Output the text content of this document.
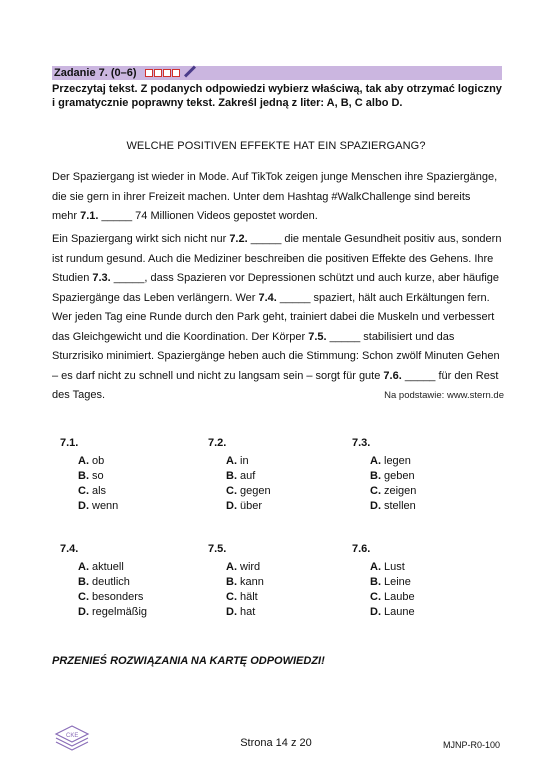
Zadanie 7. (0–6)
Przeczytaj tekst. Z podanych odpowiedzi wybierz właściwą, tak aby otrzymać logiczny
i gramatycznie poprawny tekst. Zakreśl jedną z liter: A, B, C albo D.
WELCHE POSITIVEN EFFEKTE HAT EIN SPAZIERGANG?
Der Spaziergang ist wieder in Mode. Auf TikTok zeigen junge Menschen ihre Spaziergänge,
die sie gern in ihrer Freizeit machen. Unter dem Hashtag #WalkChallenge sind bereits
mehr 7.1. _____ 74 Millionen Videos gepostet worden.
Ein Spaziergang wirkt sich nicht nur 7.2. _____ die mentale Gesundheit positiv aus, sondern
ist rundum gesund. Auch die Mediziner beschreiben die positiven Effekte des Gehens. Ihre
Studien 7.3. _____, dass Spazieren vor Depressionen schützt und auch kurze, aber häufige
Spaziergänge das Leben verlängern. Wer 7.4. _____ spaziert, hält auch Erkältungen fern.
Wer jeden Tag eine Runde durch den Park geht, trainiert dabei die Muskeln und verbessert
das Gleichgewicht und die Koordination. Der Körper 7.5. _____ stabilisiert und das
Sturzrisiko minimiert. Spaziergänge heben auch die Stimmung: Schon zwölf Minuten Gehen
– es darf nicht zu schnell und nicht zu langsam sein – sorgt für gute 7.6. _____ für den Rest
des Tages.	Na podstawie: www.stern.de
7.1.
A. ob
B. so
C. als
D. wenn
7.2.
A. in
B. auf
C. gegen
D. über
7.3.
A. legen
B. geben
C. zeigen
D. stellen
7.4.
A. aktuell
B. deutlich
C. besonders
D. regelmäßig
7.5.
A. wird
B. kann
C. hält
D. hat
7.6.
A. Lust
B. Leine
C. Laube
D. Laune
PRZENIEŚ ROZWIĄZANIA NA KARTĘ ODPOWIEDZI!
CKE
Strona 14 z 20	MJNP-R0-100
